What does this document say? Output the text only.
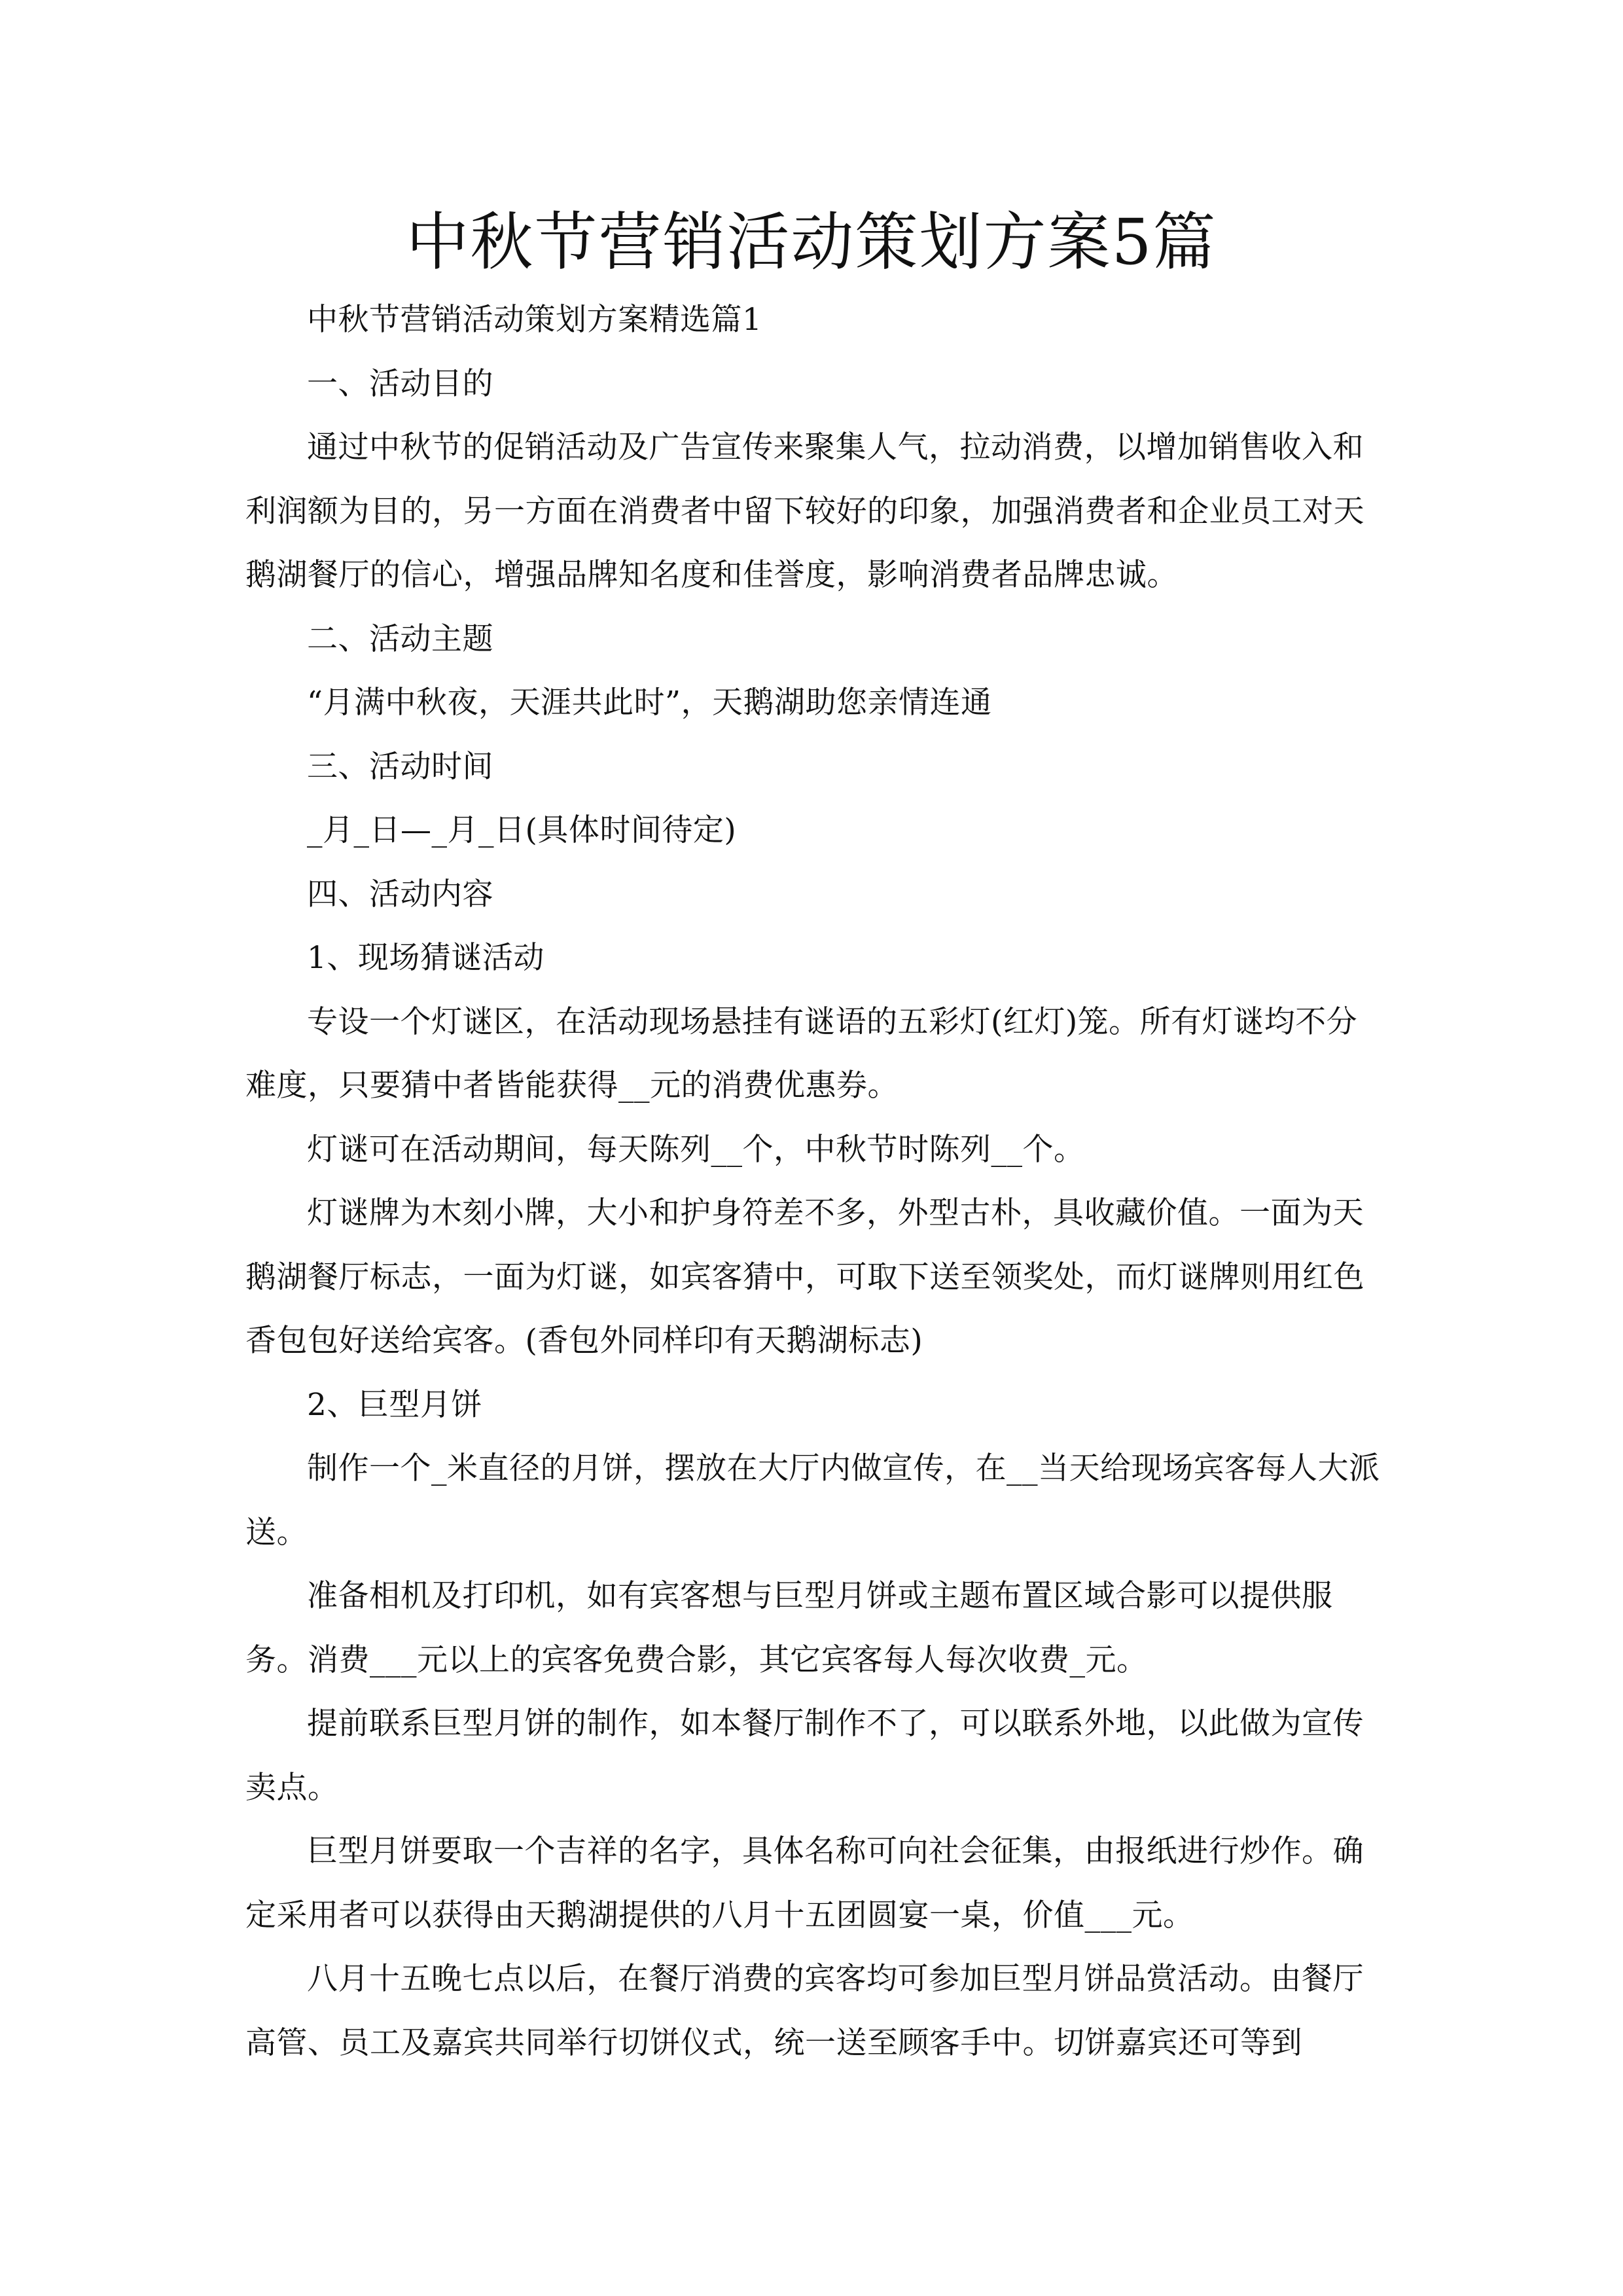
中秋节营销活动策划方案5篇

中秋节营销活动策划方案精选篇1

一、活动目的

通过中秋节的促销活动及广告宣传来聚集人气，拉动消费，以增加销售收入和利润额为目的，另一方面在消费者中留下较好的印象，加强消费者和企业员工对天鹅湖餐厅的信心，增强品牌知名度和佳誉度，影响消费者品牌忠诚。

二、活动主题

“月满中秋夜，天涯共此时”，天鹅湖助您亲情连通

三、活动时间

_月_日—_月_日(具体时间待定)

四、活动内容

1、现场猜谜活动

专设一个灯谜区，在活动现场悬挂有谜语的五彩灯(红灯)笼。所有灯谜均不分难度，只要猜中者皆能获得__元的消费优惠券。

灯谜可在活动期间，每天陈列__个，中秋节时陈列__个。

灯谜牌为木刻小牌，大小和护身符差不多，外型古朴，具收藏价值。一面为天鹅湖餐厅标志，一面为灯谜，如宾客猜中，可取下送至领奖处，而灯谜牌则用红色香包包好送给宾客。(香包外同样印有天鹅湖标志)

2、巨型月饼

制作一个_米直径的月饼，摆放在大厅内做宣传，在__当天给现场宾客每人大派送。

准备相机及打印机，如有宾客想与巨型月饼或主题布置区域合影可以提供服务。消费___元以上的宾客免费合影，其它宾客每人每次收费_元。

提前联系巨型月饼的制作，如本餐厅制作不了，可以联系外地，以此做为宣传卖点。

巨型月饼要取一个吉祥的名字，具体名称可向社会征集，由报纸进行炒作。确定采用者可以获得由天鹅湖提供的八月十五团圆宴一桌，价值___元。

八月十五晚七点以后，在餐厅消费的宾客均可参加巨型月饼品赏活动。由餐厅高管、员工及嘉宾共同举行切饼仪式，统一送至顾客手中。切饼嘉宾还可等到
